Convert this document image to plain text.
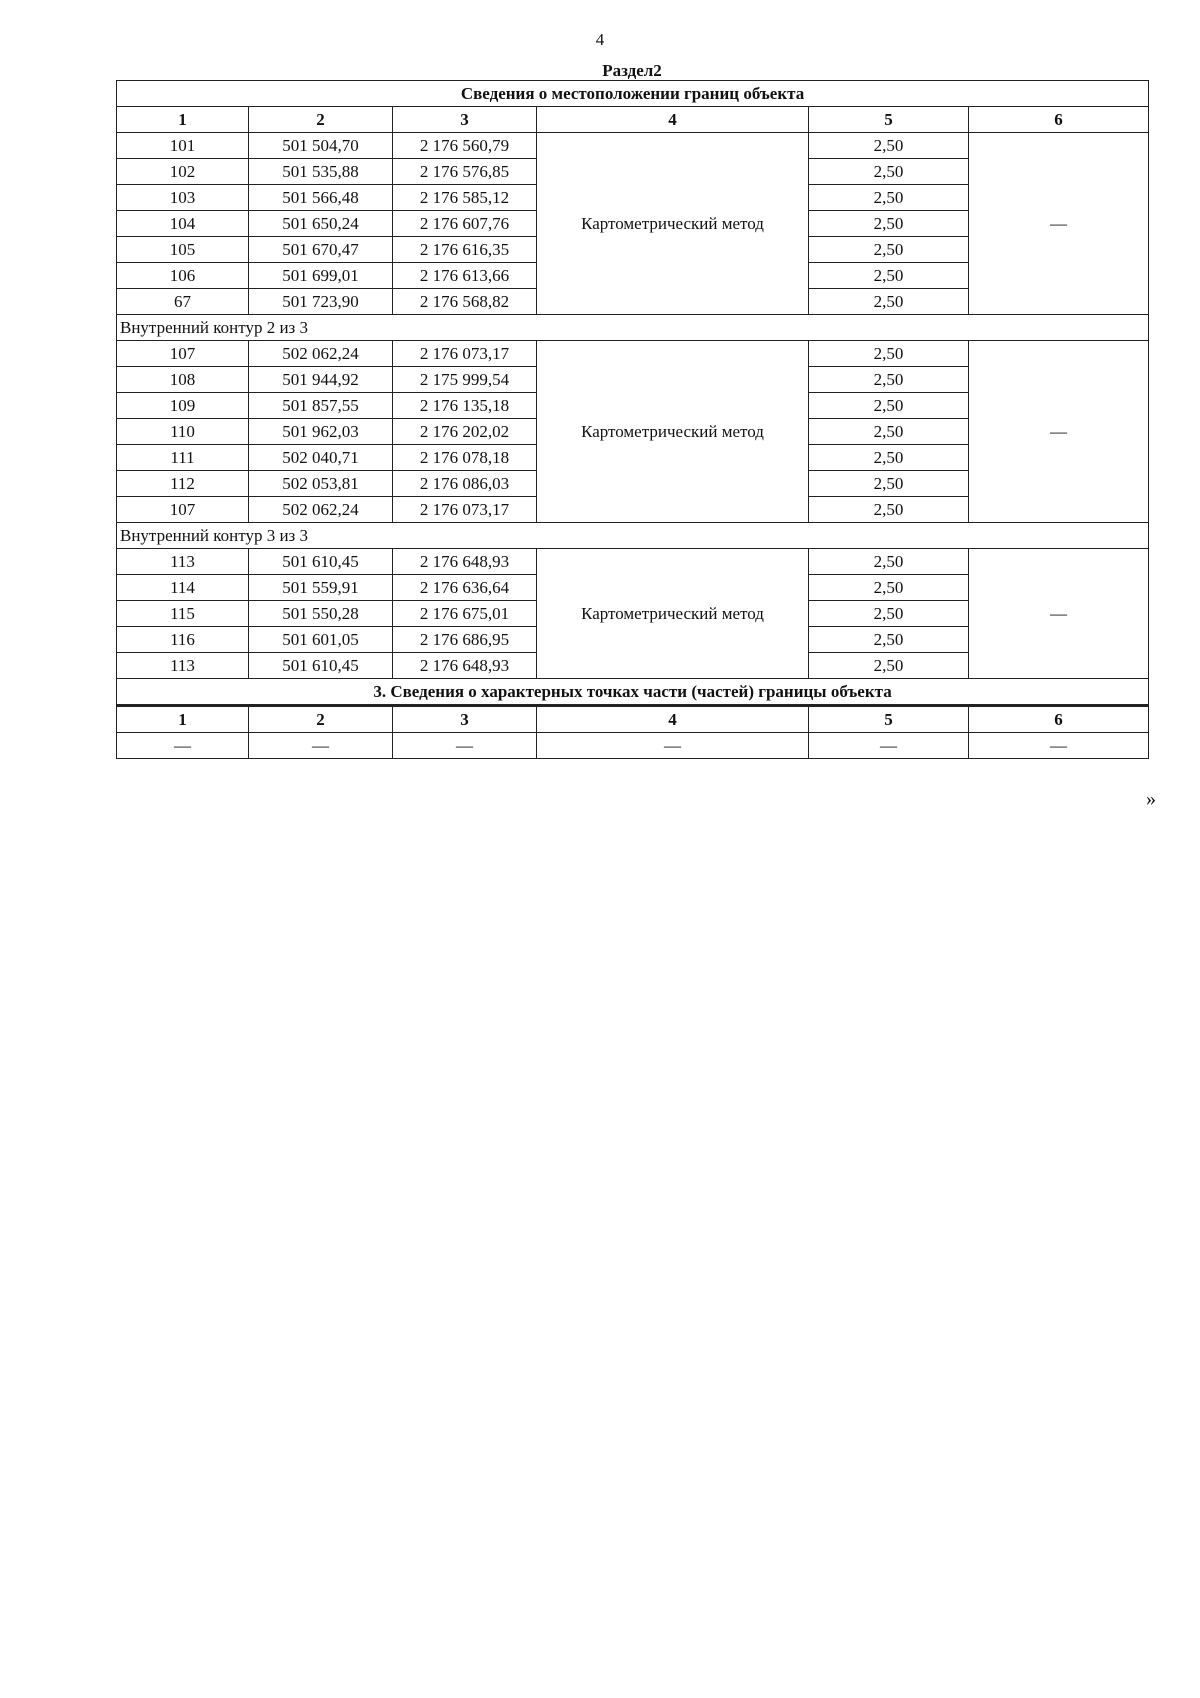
4
Раздел2
Сведения о местоположении границ объекта					
1	2	3	4	5	6
101	501 504,70	2 176 560,79	Картометрический метод	2,50	—
102	501 535,88	2 176 576,85		2,50	
103	501 566,48	2 176 585,12		2,50	
104	501 650,24	2 176 607,76		2,50	
105	501 670,47	2 176 616,35		2,50	
106	501 699,01	2 176 613,66		2,50	
67	501 723,90	2 176 568,82		2,50	
Внутренний контур 2 из 3					
107	502 062,24	2 176 073,17	Картометрический метод	2,50	—
108	501 944,92	2 175 999,54		2,50	
109	501 857,55	2 176 135,18		2,50	
110	501 962,03	2 176 202,02		2,50	
111	502 040,71	2 176 078,18		2,50	
112	502 053,81	2 176 086,03		2,50	
107	502 062,24	2 176 073,17		2,50	
Внутренний контур 3 из 3					
113	501 610,45	2 176 648,93	Картометрический метод	2,50	—
114	501 559,91	2 176 636,64		2,50	
115	501 550,28	2 176 675,01		2,50	
116	501 601,05	2 176 686,95		2,50	
113	501 610,45	2 176 648,93		2,50	
3. Сведения о характерных точках части (частей) границы объекта					
1	2	3	4	5	6
—	—	—	—	—	—
»
